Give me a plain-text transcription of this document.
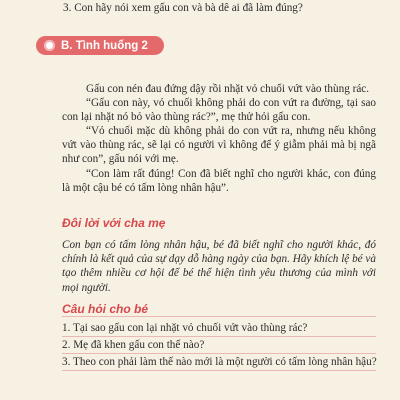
3. Con hãy nói xem gấu con và bà dê ai đã làm đúng?
B. Tình huống 2
Gấu con nén đau đứng dậy rồi nhặt vỏ chuối vứt vào thùng rác.
“Gấu con này, vỏ chuối không phải do con vứt ra đường, tại sao con lại nhặt nó bỏ vào thùng rác?”, mẹ thử hỏi gấu con.
“Vỏ chuối mặc dù không phải do con vứt ra, nhưng nếu không vứt vào thùng rác, sẽ lại có người vì không để ý giẫm phải mà bị ngã như con”, gấu nói với mẹ.
“Con làm rất đúng! Con đã biết nghĩ cho người khác, con đúng là một cậu bé có tấm lòng nhân hậu”.
Đôi lời với cha mẹ
Con bạn có tấm lòng nhân hậu, bé đã biết nghĩ cho người khác, đó chính là kết quả của sự dạy dỗ hàng ngày của bạn. Hãy khích lệ bé và tạo thêm nhiều cơ hội để bé thể hiện tình yêu thương của mình với mọi người.
Câu hỏi cho bé
1. Tại sao gấu con lại nhặt vỏ chuối vứt vào thùng rác?
2. Mẹ đã khen gấu con thế nào?
3. Theo con phải làm thế nào mới là một người có tấm lòng nhân hậu?
